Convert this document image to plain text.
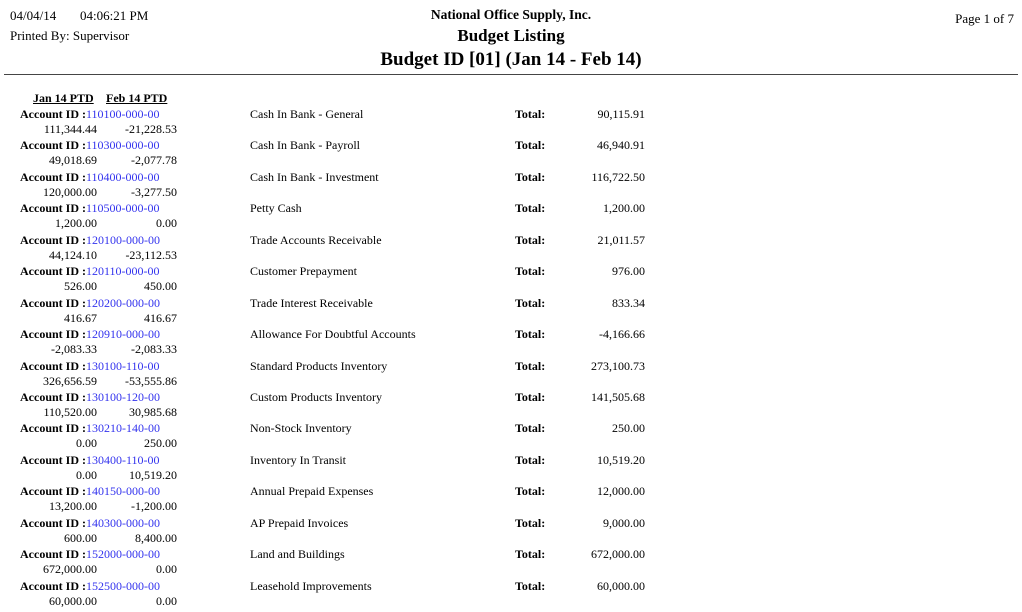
04/04/14 04:06:21 PM
Printed By: Supervisor
National Office Supply, Inc.
Budget Listing
Budget ID [01] (Jan 14 - Feb 14)
Page 1 of 7
Jan 14 PTD Feb 14 PTD
Account ID : 110100-000-00	Cash In Bank - General	Total:	90,115.91
111,344.44	-21,228.53
Account ID : 110300-000-00	Cash In Bank - Payroll	Total:	46,940.91
49,018.69	-2,077.78
Account ID : 110400-000-00	Cash In Bank - Investment	Total:	116,722.50
120,000.00	-3,277.50
Account ID : 110500-000-00	Petty Cash	Total:	1,200.00
1,200.00	0.00
Account ID : 120100-000-00	Trade Accounts Receivable	Total:	21,011.57
44,124.10	-23,112.53
Account ID : 120110-000-00	Customer Prepayment	Total:	976.00
526.00	450.00
Account ID : 120200-000-00	Trade Interest Receivable	Total:	833.34
416.67	416.67
Account ID : 120910-000-00	Allowance For Doubtful Accounts	Total:	-4,166.66
-2,083.33	-2,083.33
Account ID : 130100-110-00	Standard Products Inventory	Total:	273,100.73
326,656.59	-53,555.86
Account ID : 130100-120-00	Custom Products Inventory	Total:	141,505.68
110,520.00	30,985.68
Account ID : 130210-140-00	Non-Stock Inventory	Total:	250.00
0.00	250.00
Account ID : 130400-110-00	Inventory In Transit	Total:	10,519.20
0.00	10,519.20
Account ID : 140150-000-00	Annual Prepaid Expenses	Total:	12,000.00
13,200.00	-1,200.00
Account ID : 140300-000-00	AP Prepaid Invoices	Total:	9,000.00
600.00	8,400.00
Account ID : 152000-000-00	Land and Buildings	Total:	672,000.00
672,000.00	0.00
Account ID : 152500-000-00	Leasehold Improvements	Total:	60,000.00
60,000.00	0.00
